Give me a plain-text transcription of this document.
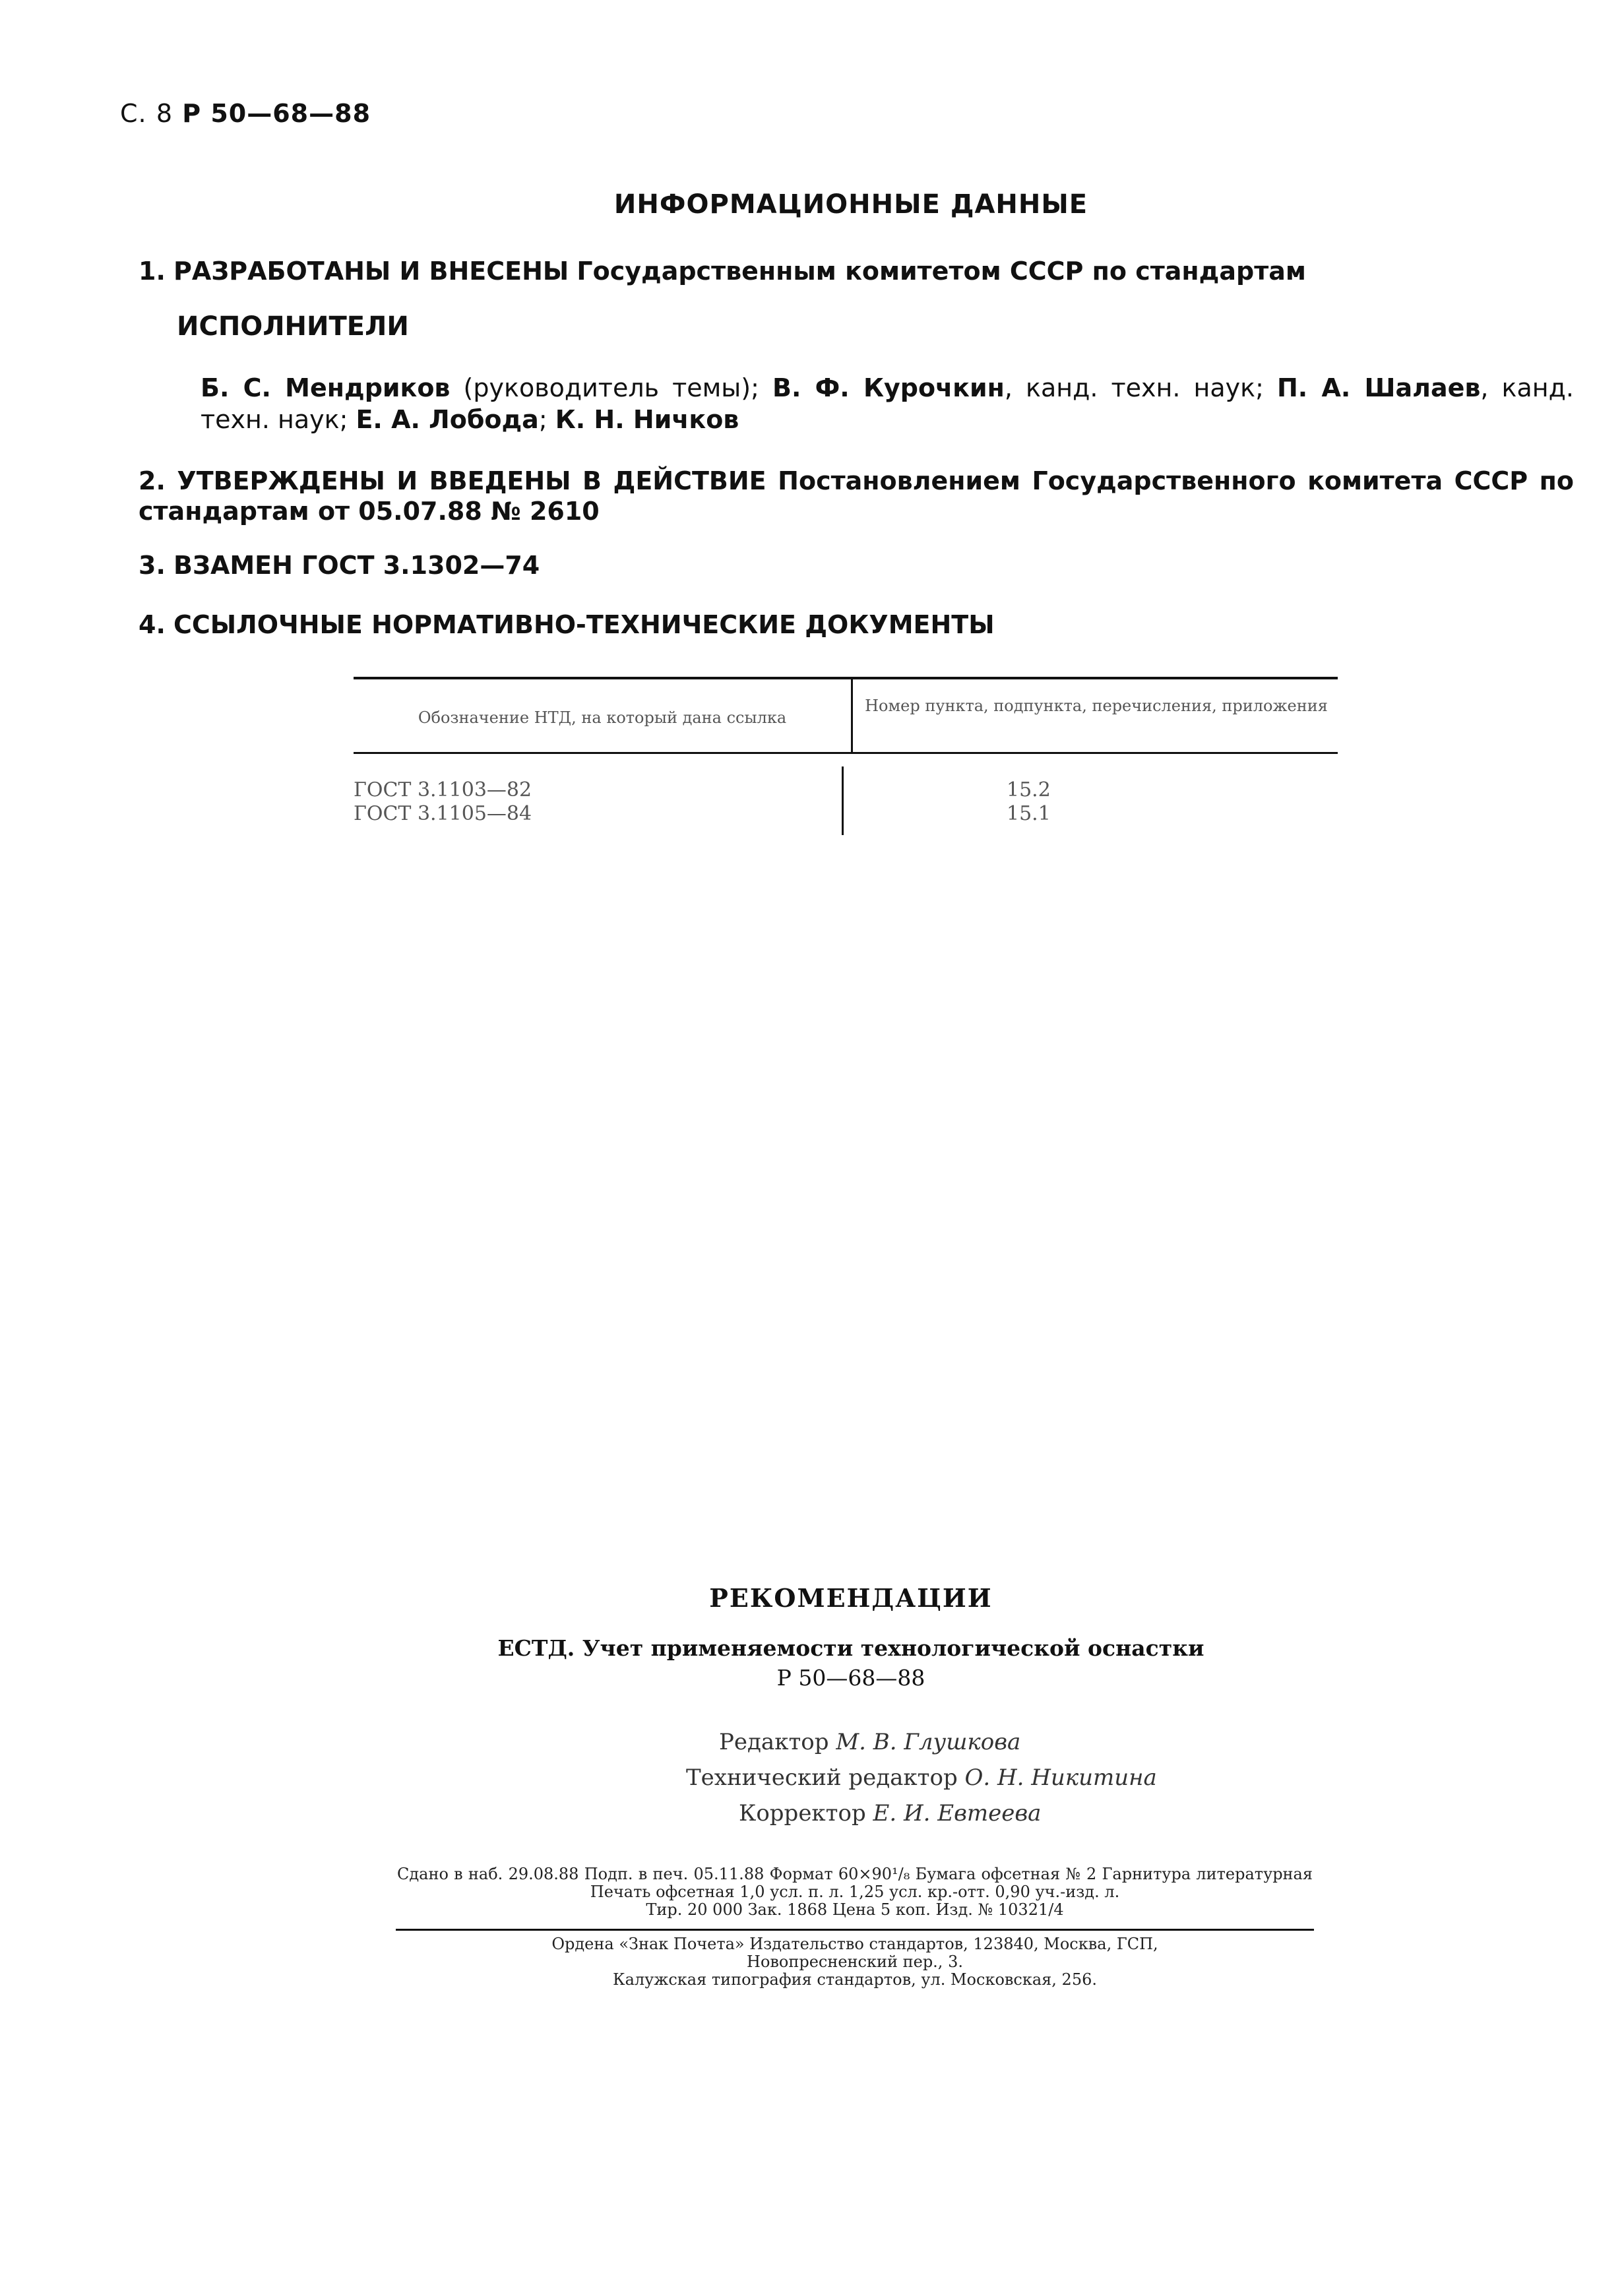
С. 8 Р 50—68—88
ИНФОРМАЦИОННЫЕ ДАННЫЕ
1. РАЗРАБОТАНЫ И ВНЕСЕНЫ Государственным комитетом СССР по стандартам
ИСПОЛНИТЕЛИ
Б. С. Мендриков (руководитель темы); В. Ф. Курочкин, канд. техн. наук; П. А. Шалаев, канд. техн. наук; Е. А. Лобода; К. Н. Ничков
2. УТВЕРЖДЕНЫ И ВВЕДЕНЫ В ДЕЙСТВИЕ Постановлением Государственного комитета СССР по стандартам от 05.07.88 № 2610
3. ВЗАМЕН ГОСТ 3.1302—74
4. ССЫЛОЧНЫЕ НОРМАТИВНО-ТЕХНИЧЕСКИЕ ДОКУМЕНТЫ
Обозначение НТД, на который дана ссылка
Номер пункта, подпункта, перечисления, приложения
ГОСТ 3.1103—82	15.2
ГОСТ 3.1105—84	15.1
РЕКОМЕНДАЦИИ
ЕСТД. Учет применяемости технологической оснастки
Р 50—68—88
Редактор М. В. Глушкова
Технический редактор О. Н. Никитина
Корректор Е. И. Евтеева
Сдано в наб. 29.08.88 Подп. в печ. 05.11.88 Формат 60×90¹/₈ Бумага офсетная № 2 Гарнитура литературная Печать офсетная 1,0 усл. п. л. 1,25 усл. кр.-отт. 0,90 уч.-изд. л.
Тир. 20 000 Зак. 1868 Цена 5 коп. Изд. № 10321/4
Ордена «Знак Почета» Издательство стандартов, 123840, Москва, ГСП,
Новопресненский пер., 3.
Калужская типография стандартов, ул. Московская, 256.
